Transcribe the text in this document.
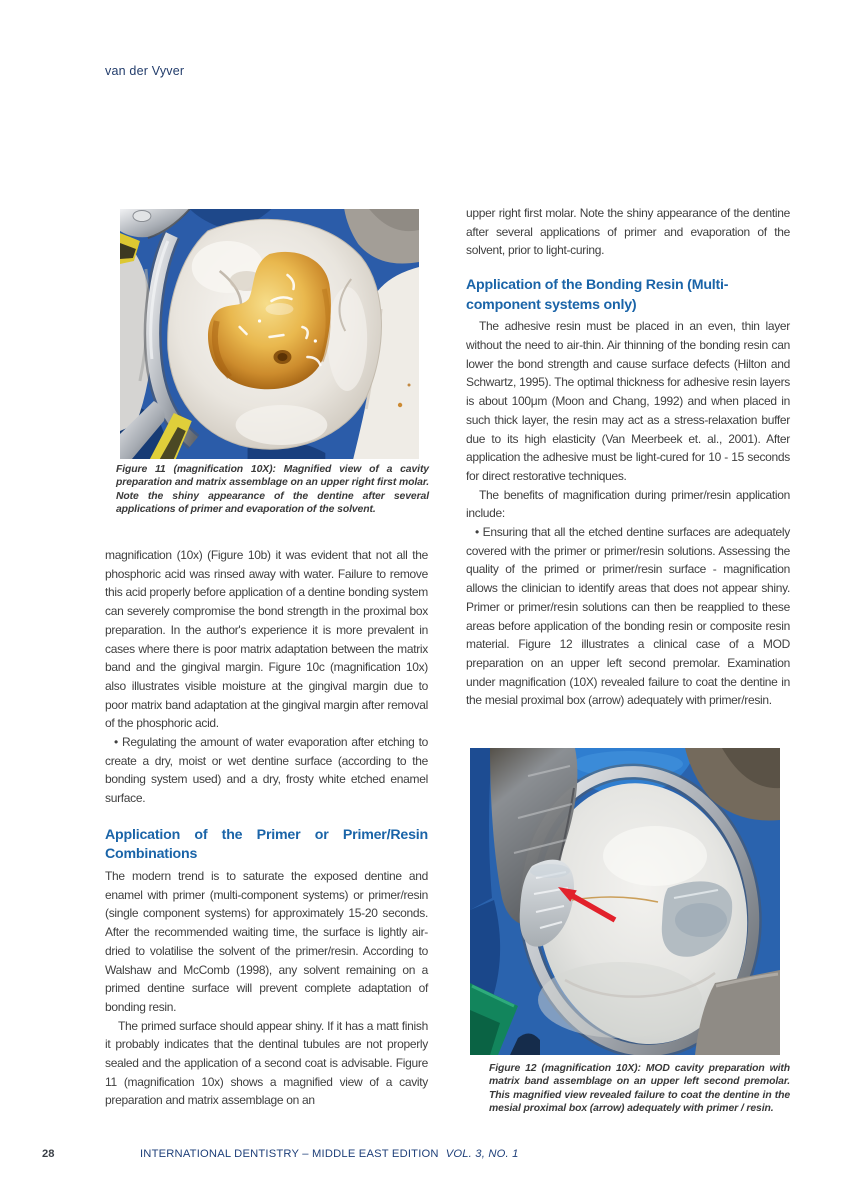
van der Vyver
Figure 11 (magnification 10X): Magnified view of a cavity preparation and matrix assemblage on an upper right first molar. Note the shiny appearance of the dentine after several applications of primer and evaporation of the solvent.

magnification (10x) (Figure 10b) it was evident that not all the phosphoric acid was rinsed away with water. Failure to remove this acid properly before application of a dentine bonding system can severely compromise the bond strength in the proximal box preparation. In the author's experience it is more prevalent in cases where there is poor matrix adaptation between the matrix band and the gingival margin. Figure 10c (magnification 10x) also illustrates visible moisture at the gingival margin due to poor matrix band adaptation at the gingival margin after removal of the phosphoric acid.

• Regulating the amount of water evaporation after etching to create a dry, moist or wet dentine surface (according to the bonding system used) and a dry, frosty white etched enamel surface.

Application of the Primer or Primer/Resin
Combinations

The modern trend is to saturate the exposed dentine and enamel with primer (multi-component systems) or primer/resin (single component systems) for approximately 15-20 seconds. After the recommended waiting time, the surface is lightly air-dried to volatilise the solvent of the primer/resin. According to Walshaw and McComb (1998), any solvent remaining on a primed dentine surface will prevent complete adaptation of bonding resin.

The primed surface should appear shiny. If it has a matt finish it probably indicates that the dentinal tubules are not properly sealed and the application of a second coat is advisable. Figure 11 (magnification 10x) shows a magnified view of a cavity preparation and matrix assemblage on an

upper right first molar. Note the shiny appearance of the dentine after several applications of primer and evaporation of the solvent, prior to light-curing.

Application of the Bonding Resin (Multi-
component systems only)

The adhesive resin must be placed in an even, thin layer without the need to air-thin. Air thinning of the bonding resin can lower the bond strength and cause surface defects (Hilton and Schwartz, 1995). The optimal thickness for adhesive resin layers is about 100μm (Moon and Chang, 1992) and when placed in such thick layer, the resin may act as a stress-relaxation buffer due to its high elasticity (Van Meerbeek et. al., 2001). After application the adhesive must be light-cured for 10 - 15 seconds for direct restorative techniques.

The benefits of magnification during primer/resin application include:

• Ensuring that all the etched dentine surfaces are adequately covered with the primer or primer/resin solutions. Assessing the quality of the primed or primer/resin surface - magnification allows the clinician to identify areas that does not appear shiny. Primer or primer/resin solutions can then be reapplied to these areas before application of the bonding resin or composite resin material. Figure 12 illustrates a clinical case of a MOD preparation on an upper left second premolar. Examination under magnification (10X) revealed failure to coat the dentine in the mesial proximal box (arrow) adequately with primer/resin.

Figure 12 (magnification 10X): MOD cavity preparation with matrix band assemblage on an upper left second premolar. This magnified view revealed failure to coat the dentine in the mesial proximal box (arrow) adequately with primer / resin.
28	INTERNATIONAL DENTISTRY – MIDDLE EAST EDITION VOL. 3, NO. 1
